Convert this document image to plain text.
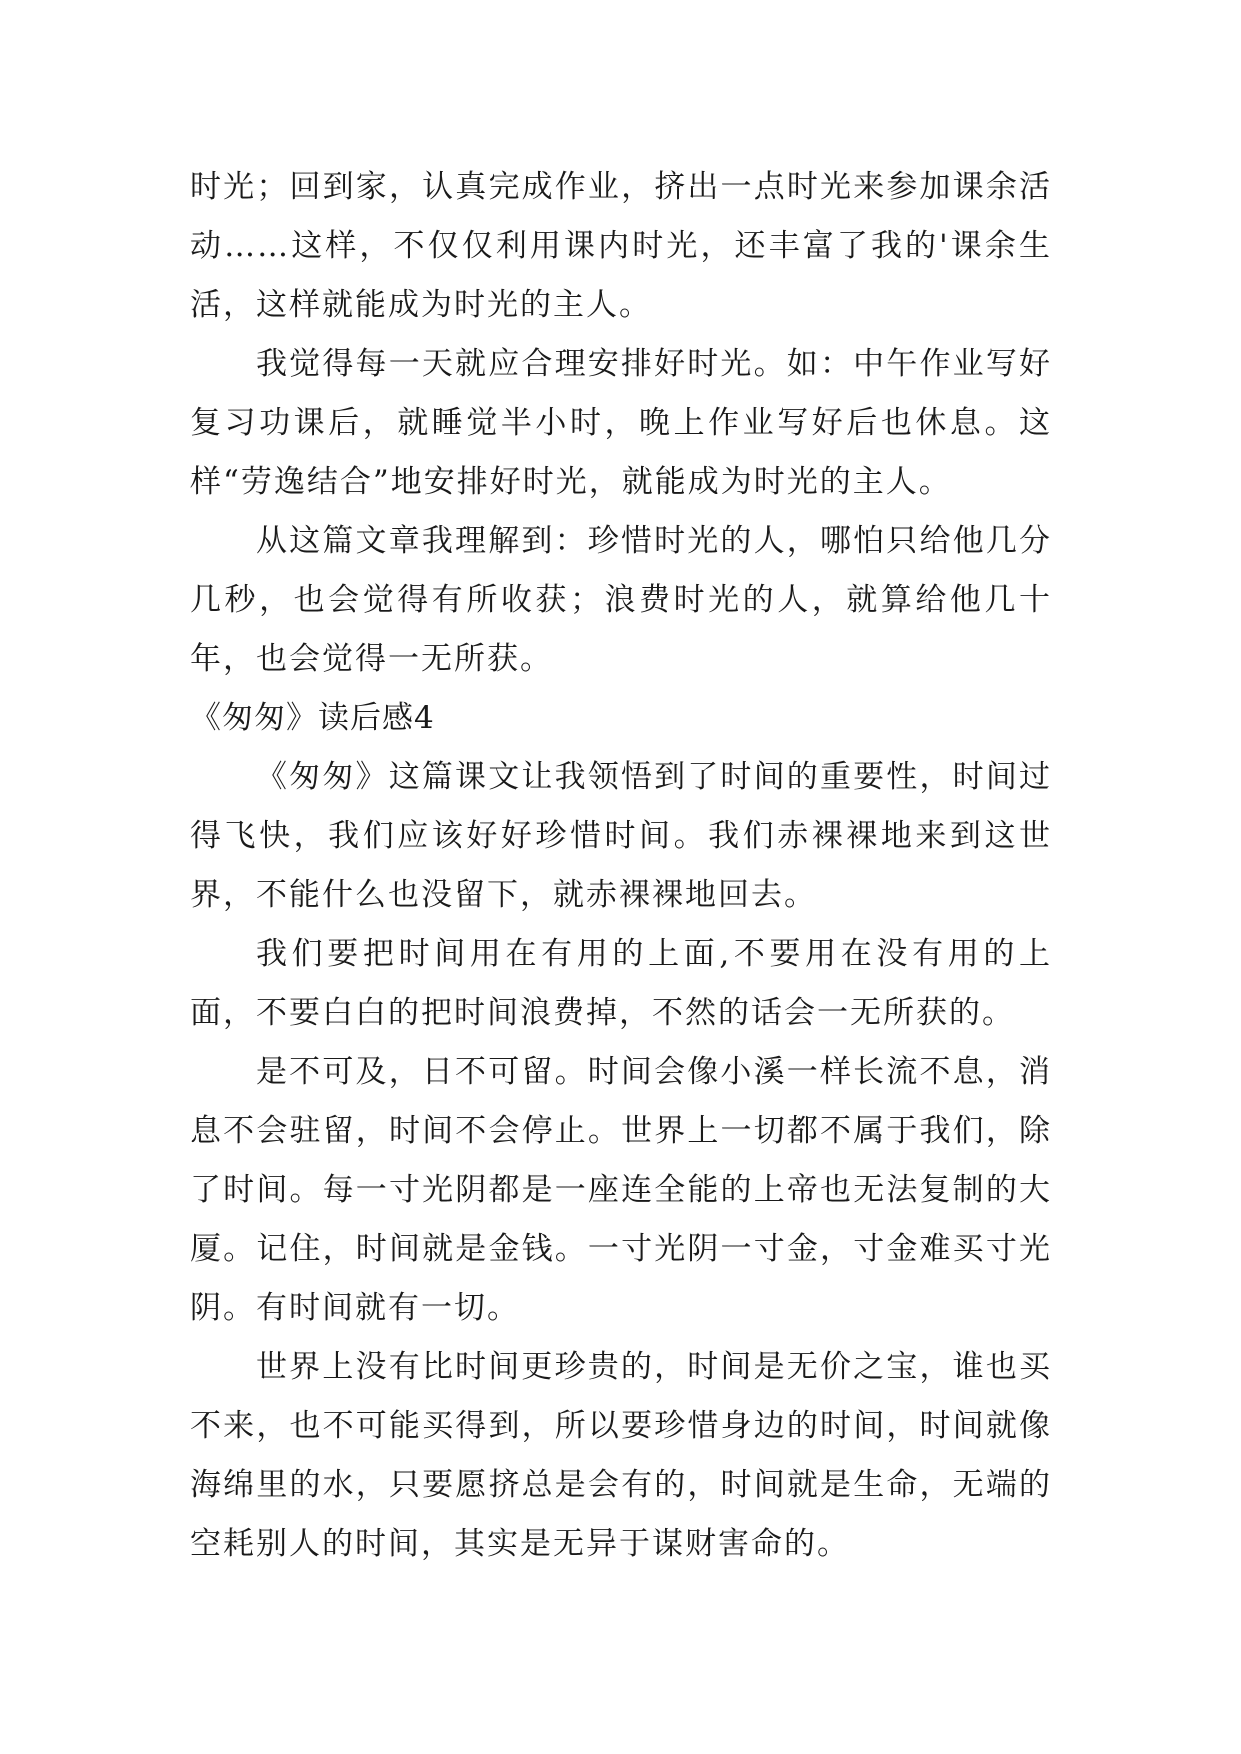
时光；回到家，认真完成作业，挤出一点时光来参加课余活动……这样，不仅仅利用课内时光，还丰富了我的'课余生活，这样就能成为时光的主人。

我觉得每一天就应合理安排好时光。如：中午作业写好复习功课后，就睡觉半小时，晚上作业写好后也休息。这样“劳逸结合”地安排好时光，就能成为时光的主人。

从这篇文章我理解到：珍惜时光的人，哪怕只给他几分几秒，也会觉得有所收获；浪费时光的人，就算给他几十年，也会觉得一无所获。

《匆匆》读后感4

《匆匆》这篇课文让我领悟到了时间的重要性，时间过得飞快，我们应该好好珍惜时间。我们赤裸裸地来到这世界，不能什么也没留下，就赤裸裸地回去。

我们要把时间用在有用的上面,不要用在没有用的上面，不要白白的把时间浪费掉，不然的话会一无所获的。

是不可及，日不可留。时间会像小溪一样长流不息，消息不会驻留，时间不会停止。世界上一切都不属于我们，除了时间。每一寸光阴都是一座连全能的上帝也无法复制的大厦。记住，时间就是金钱。一寸光阴一寸金，寸金难买寸光阴。有时间就有一切。

世界上没有比时间更珍贵的，时间是无价之宝，谁也买不来，也不可能买得到，所以要珍惜身边的时间，时间就像海绵里的水，只要愿挤总是会有的，时间就是生命，无端的空耗别人的时间，其实是无异于谋财害命的。
